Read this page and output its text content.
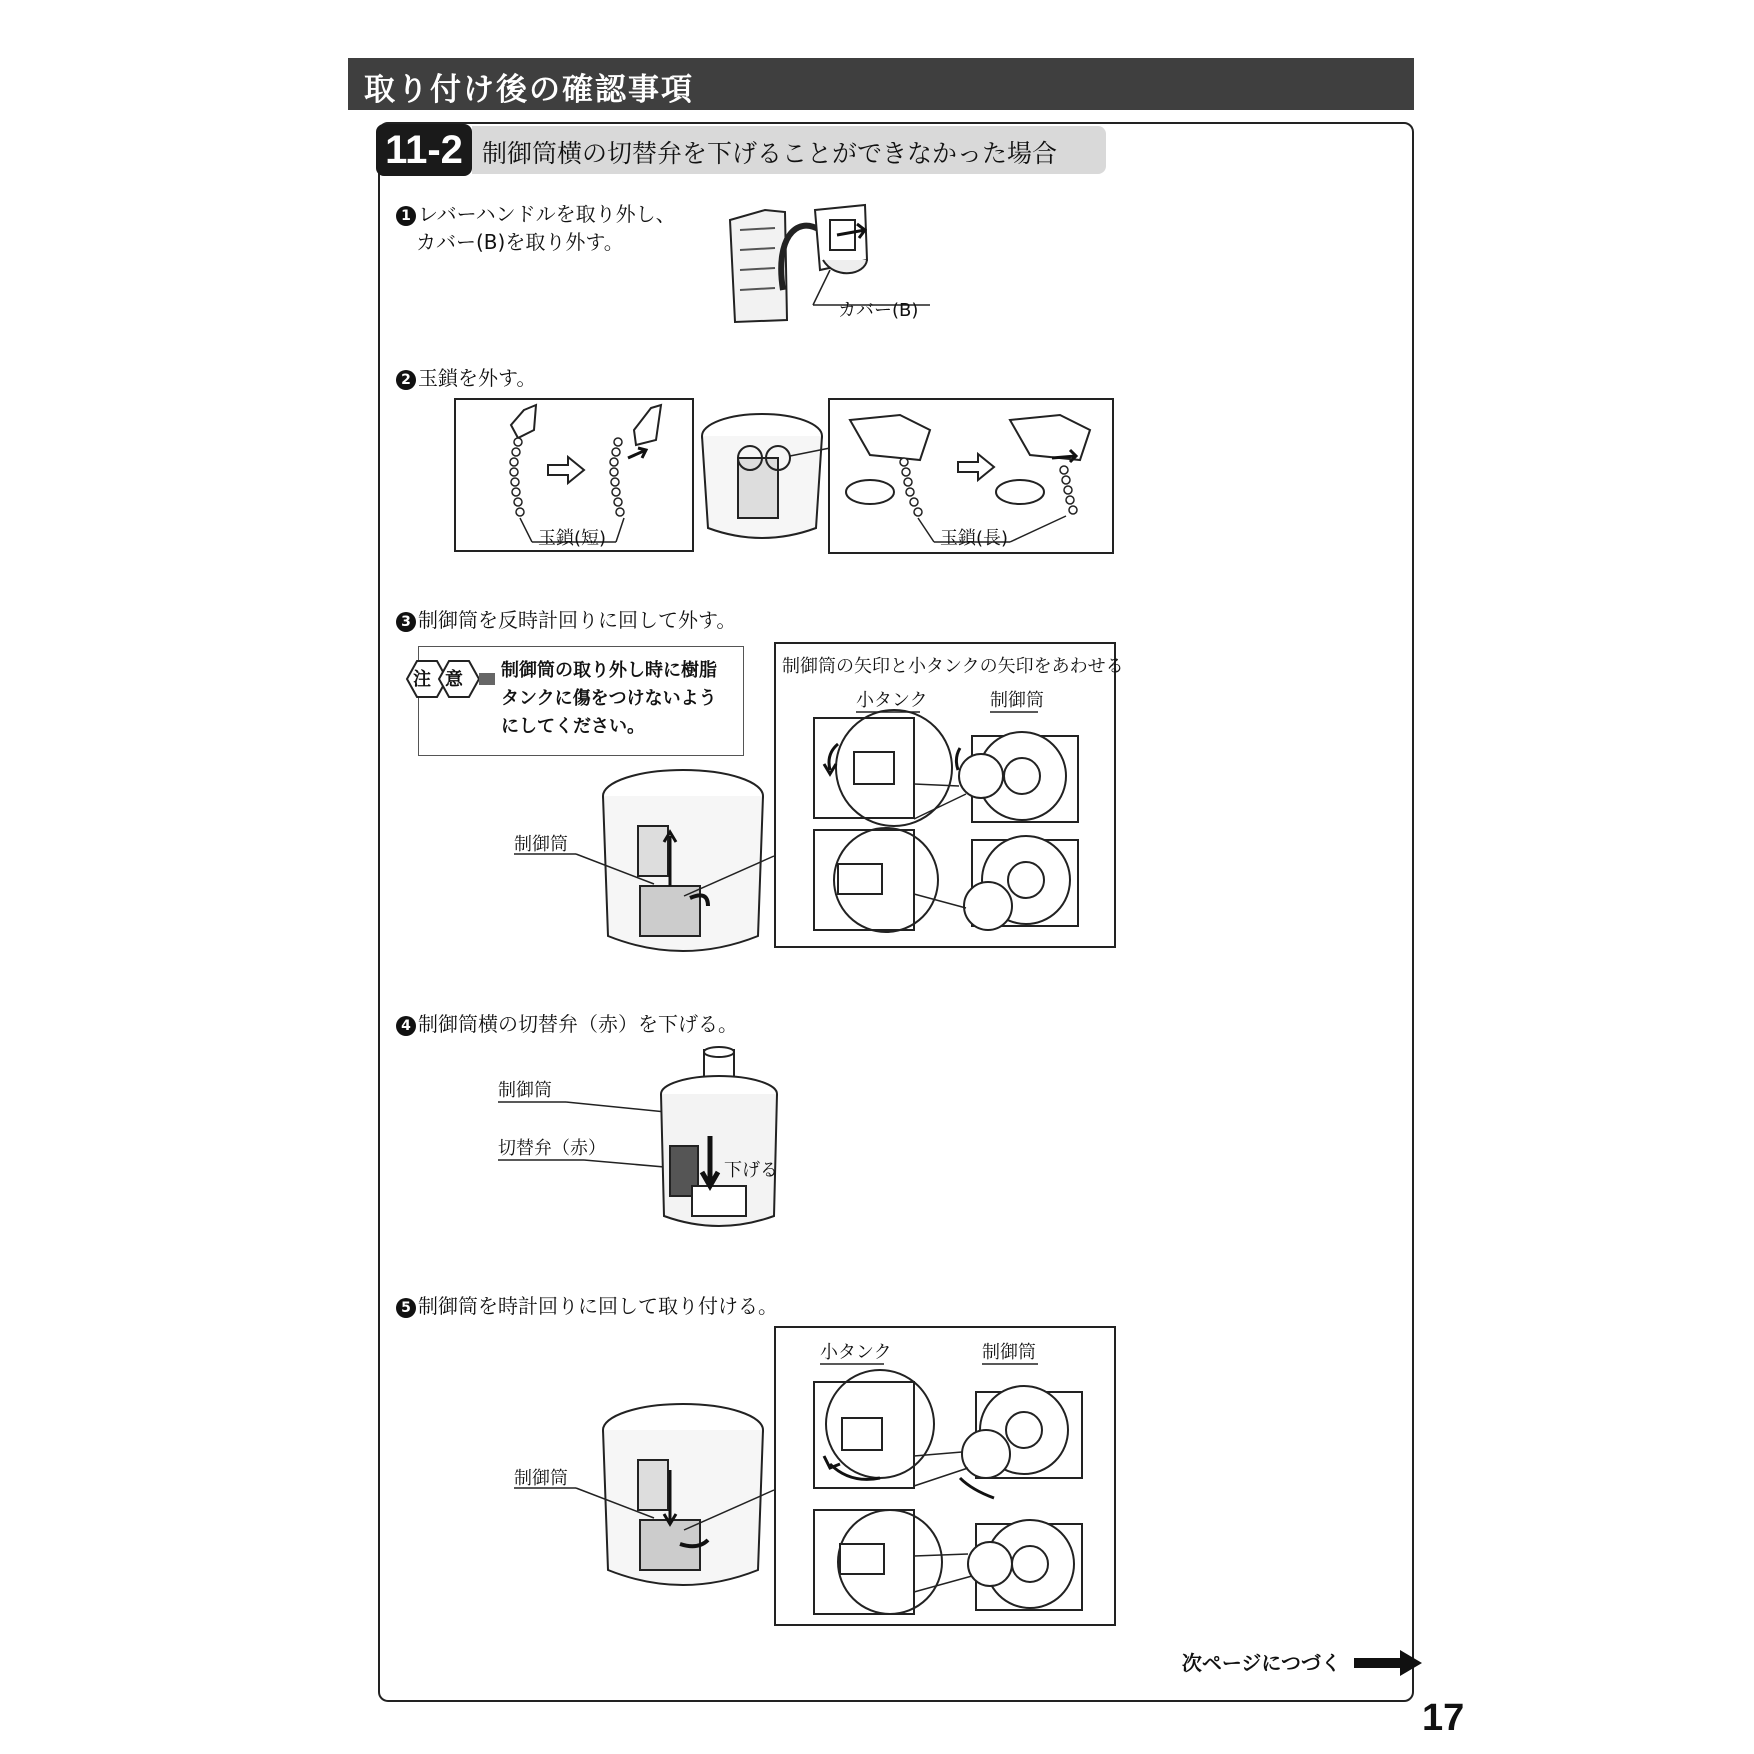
取り付け後の確認事項
11-2 制御筒横の切替弁を下げることができなかった場合
1 レバーハンドルを取り外し、
カバー(B)を取り外す。
カバー(B)
2 玉鎖を外す。
玉鎖(短)	玉鎖(長)
3 制御筒を反時計回りに回して外す。
注 意 制御筒の取り外し時に樹脂
タンクに傷をつけないよう
にしてください。
制御筒
制御筒の矢印と小タンクの矢印をあわせる
小タンク	制御筒
4 制御筒横の切替弁（赤）を下げる。
制御筒
切替弁（赤）
下げる
5 制御筒を時計回りに回して取り付ける。
制御筒
小タンク	制御筒
次ページにつづく
17
